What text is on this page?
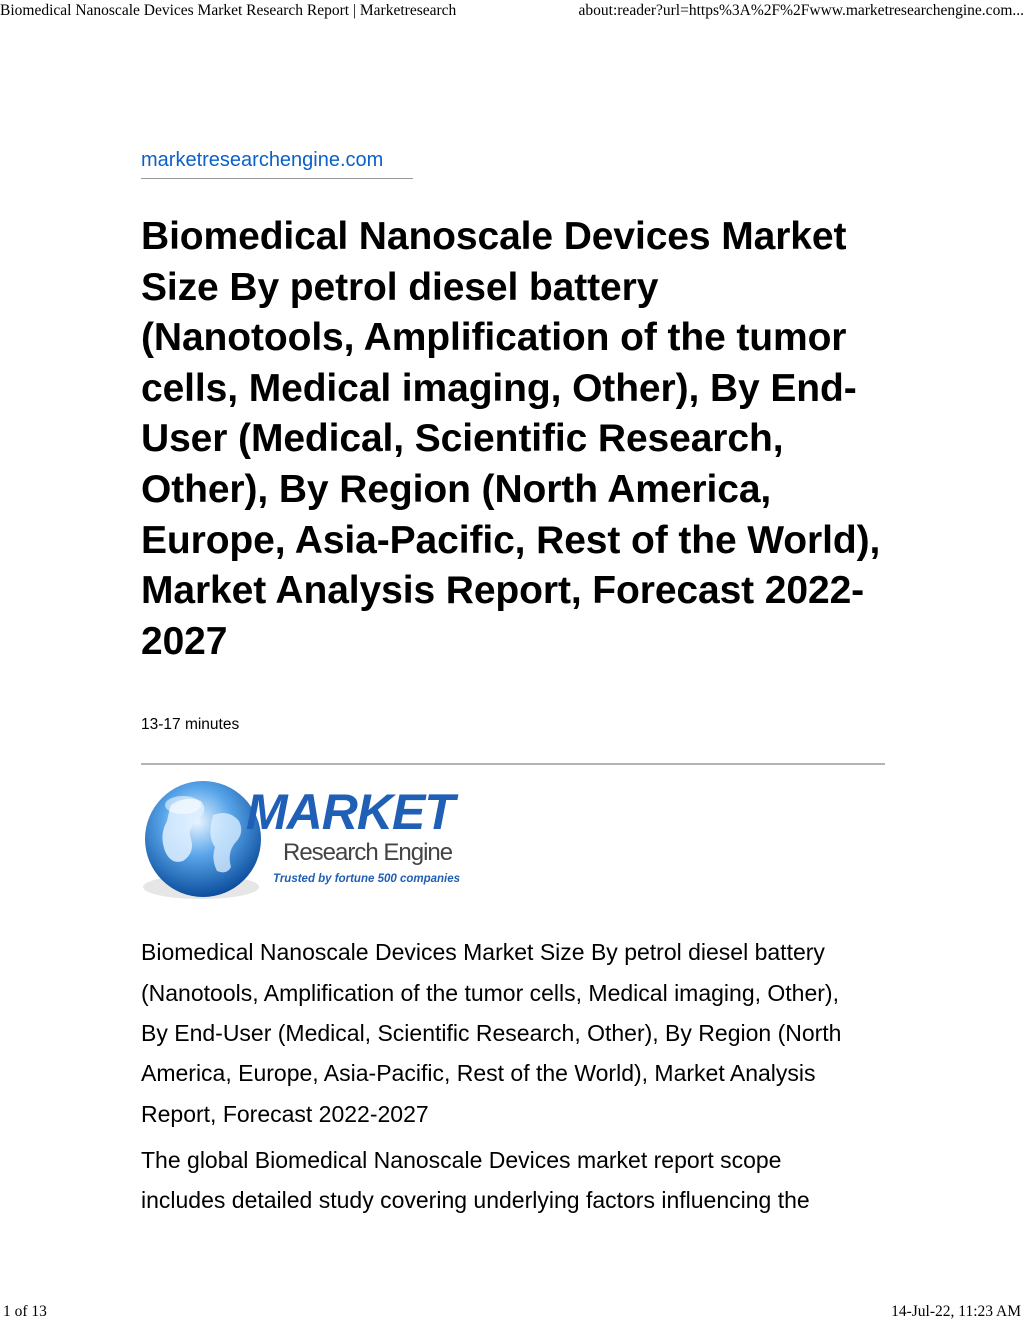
Biomedical Nanoscale Devices Market Research Report | Marketresearch	about:reader?url=https%3A%2F%2Fwww.marketresearchengine.com...
marketresearchengine.com
Biomedical Nanoscale Devices Market Size By petrol diesel battery (Nanotools, Amplification of the tumor cells, Medical imaging, Other), By End-User (Medical, Scientific Research, Other), By Region (North America, Europe, Asia-Pacific, Rest of the World), Market Analysis Report, Forecast 2022-2027
13-17 minutes
MARKET
Research Engine
Trusted by fortune 500 companies

Biomedical Nanoscale Devices Market Size By petrol diesel battery (Nanotools, Amplification of the tumor cells, Medical imaging, Other), By End-User (Medical, Scientific Research, Other), By Region (North America, Europe, Asia-Pacific, Rest of the World), Market Analysis Report, Forecast 2022-2027

The global Biomedical Nanoscale Devices market report scope includes detailed study covering underlying factors influencing the

1 of 13	14-Jul-22, 11:23 AM
